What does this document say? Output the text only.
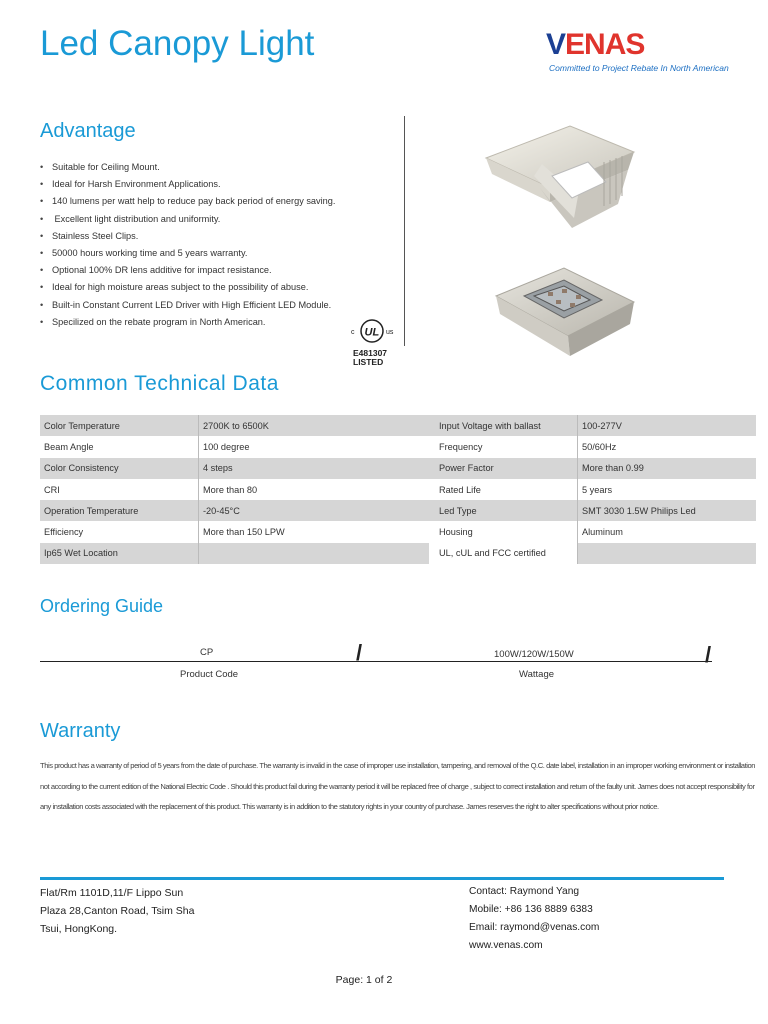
Led Canopy Light	VENAS
Committed to Project Rebate In North American
Advantage
• Suitable for Ceiling Mount.
• Ideal for Harsh Environment Applications.
• 140 lumens per watt help to reduce pay back period of energy saving.
• Excellent light distribution and uniformity.
• Stainless Steel Clips.
• 50000 hours working time and 5 years warranty.
• Optional 100% DR lens additive for impact resistance.
• Ideal for high moisture areas subject to the possibility of abuse.
• Built-in Constant Current LED Driver with High Efficient LED Module.
• Specilized on the rebate program in North American.
c UL us
E481307
LISTED
Common Technical Data
Color Temperature	2700K to 6500K	Input Voltage with ballast	100-277V
Beam Angle	100 degree	Frequency	50/60Hz
Color Consistency	4 steps	Power Factor	More than 0.99
CRI	More than 80	Rated Life	5 years
Operation Temperature	-20-45°C	Led Type	SMT 3030 1.5W Philips Led
Efficiency	More than 150 LPW	Housing	Aluminum
Ip65 Wet Location		UL, cUL and FCC certified	
Ordering Guide
CP	100W/120W/150W
/	/
Product Code	Wattage
Warranty
This product has a warranty of period of 5 years from the date of purchase. The warranty is invalid in the case of improper use installation, tampering, and removal of the Q.C. date label, installation in an improper working environment or installation not according to the current edition of the National Electric Code . Should this product fail during the warranty period it will be replaced free of charge , subject to correct installation and return of the faulty unit. James does not accept responsibility for any installation costs associated with the replacement of this product. This warranty is in addition to the statutory rights in your country of purchase. James reserves the right to alter specifications without prior notice.
Flat/Rm 1101D,11/F Lippo Sun
Plaza 28,Canton Road, Tsim Sha
Tsui, HongKong.
Contact: Raymond Yang
Mobile: +86 136 8889 6383
Email: raymond@venas.com
www.venas.com
Page: 1 of 2
